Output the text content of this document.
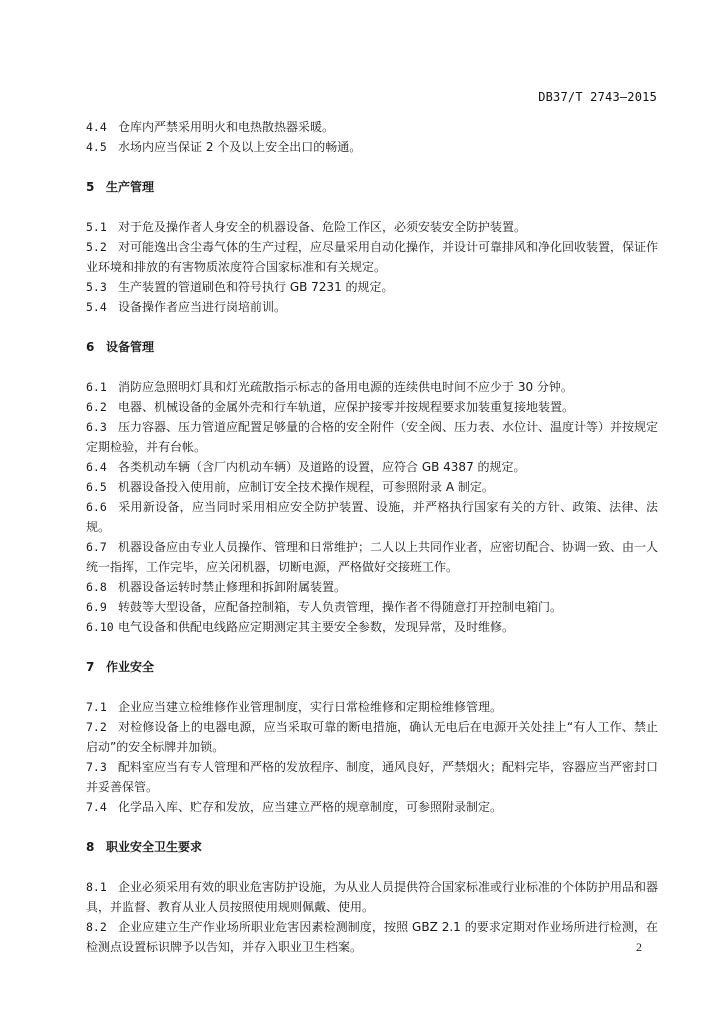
DB37/T 2743—2015
4.4 仓库内严禁采用明火和电热散热器采暖。
4.5 水场内应当保证 2 个及以上安全出口的畅通。
5 生产管理
5.1 对于危及操作者人身安全的机器设备、危险工作区，必须安装安全防护装置。
5.2 对可能逸出含尘毒气体的生产过程，应尽量采用自动化操作，并设计可靠排风和净化回收装置，保证作业环境和排放的有害物质浓度符合国家标准和有关规定。
5.3 生产装置的管道刷色和符号执行 GB 7231 的规定。
5.4 设备操作者应当进行岗培前训。
6 设备管理
6.1 消防应急照明灯具和灯光疏散指示标志的备用电源的连续供电时间不应少于 30 分钟。
6.2 电器、机械设备的金属外壳和行车轨道，应保护接零并按规程要求加装重复接地装置。
6.3 压力容器、压力管道应配置足够量的合格的安全附件（安全阀、压力表、水位计、温度计等）并按规定定期检验，并有台帐。
6.4 各类机动车辆（含厂内机动车辆）及道路的设置，应符合 GB 4387 的规定。
6.5 机器设备投入使用前，应制订安全技术操作规程，可参照附录 A 制定。
6.6 采用新设备，应当同时采用相应安全防护装置、设施，并严格执行国家有关的方针、政策、法律、法规。
6.7 机器设备应由专业人员操作、管理和日常维护；二人以上共同作业者，应密切配合、协调一致、由一人统一指挥，工作完毕，应关闭机器，切断电源，严格做好交接班工作。
6.8 机器设备运转时禁止修理和拆卸附属装置。
6.9 转鼓等大型设备，应配备控制箱，专人负责管理，操作者不得随意打开控制电箱门。
6.10 电气设备和供配电线路应定期测定其主要安全参数，发现异常，及时维修。
7 作业安全
7.1 企业应当建立检维修作业管理制度，实行日常检维修和定期检维修管理。
7.2 对检修设备上的电器电源，应当采取可靠的断电措施，确认无电后在电源开关处挂上“有人工作、禁止启动”的安全标牌并加锁。
7.3 配料室应当有专人管理和严格的发放程序、制度，通风良好，严禁烟火；配料完毕，容器应当严密封口并妥善保管。
7.4 化学品入库、贮存和发放，应当建立严格的规章制度，可参照附录制定。
8 职业安全卫生要求
8.1 企业必须采用有效的职业危害防护设施，为从业人员提供符合国家标准或行业标准的个体防护用品和器具，并监督、教育从业人员按照使用规则佩戴、使用。
8.2 企业应建立生产作业场所职业危害因素检测制度，按照 GBZ 2.1 的要求定期对作业场所进行检测，在检测点设置标识牌予以告知，并存入职业卫生档案。	2
